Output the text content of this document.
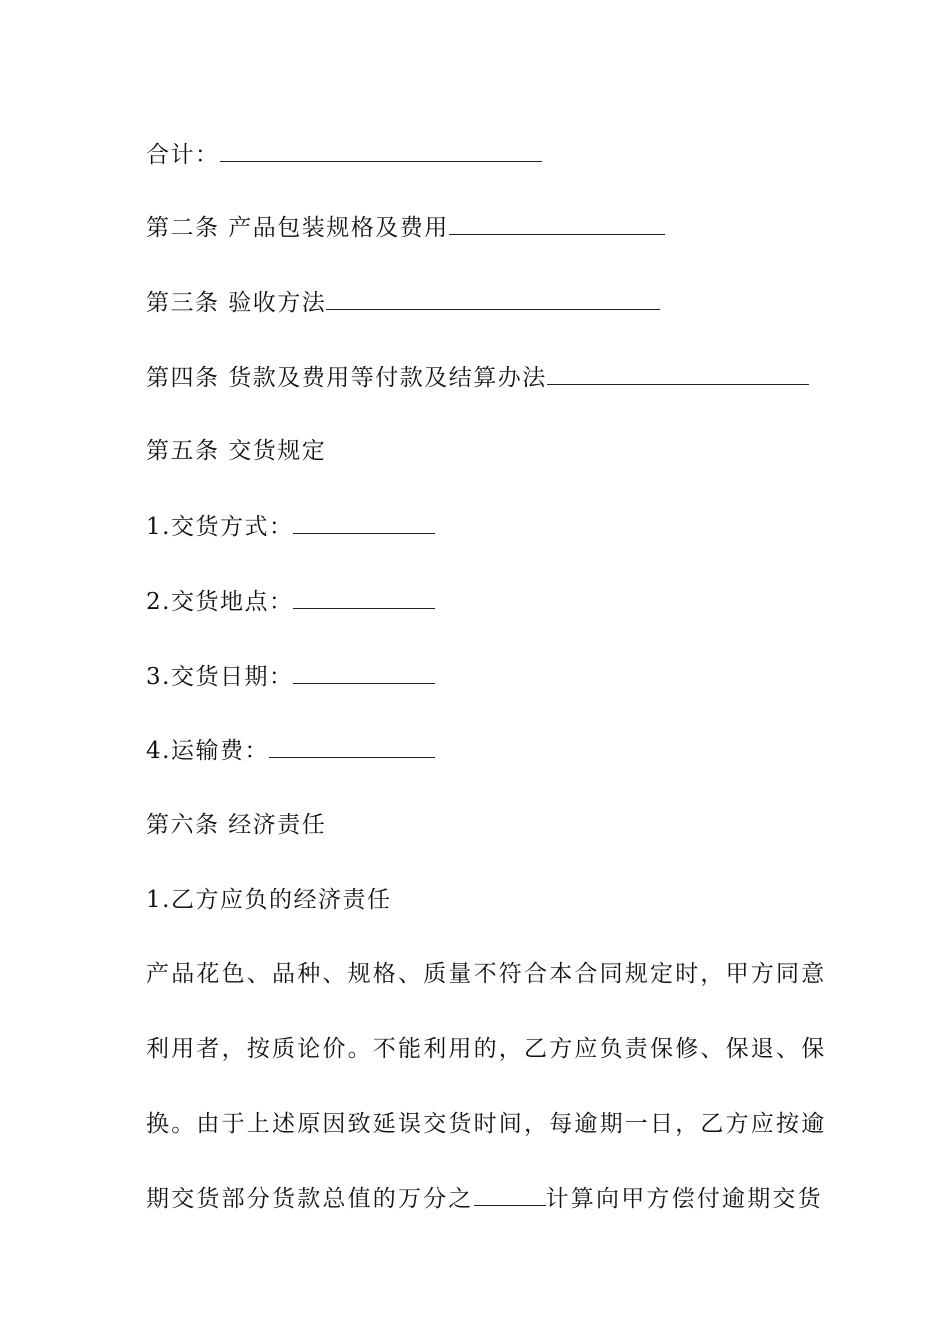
合计：
第二条 产品包装规格及费用
第三条 验收方法
第四条 货款及费用等付款及结算办法
第五条 交货规定
1.交货方式：
2.交货地点：
3.交货日期：
4.运输费：
第六条 经济责任
1.乙方应负的经济责任
产品花色、品种、规格、质量不符合本合同规定时，甲方同意
利用者，按质论价。不能利用的，乙方应负责保修、保退、保
换。由于上述原因致延误交货时间，每逾期一日，乙方应按逾
期交货部分货款总值的万分之	计算向甲方偿付逾期交货
